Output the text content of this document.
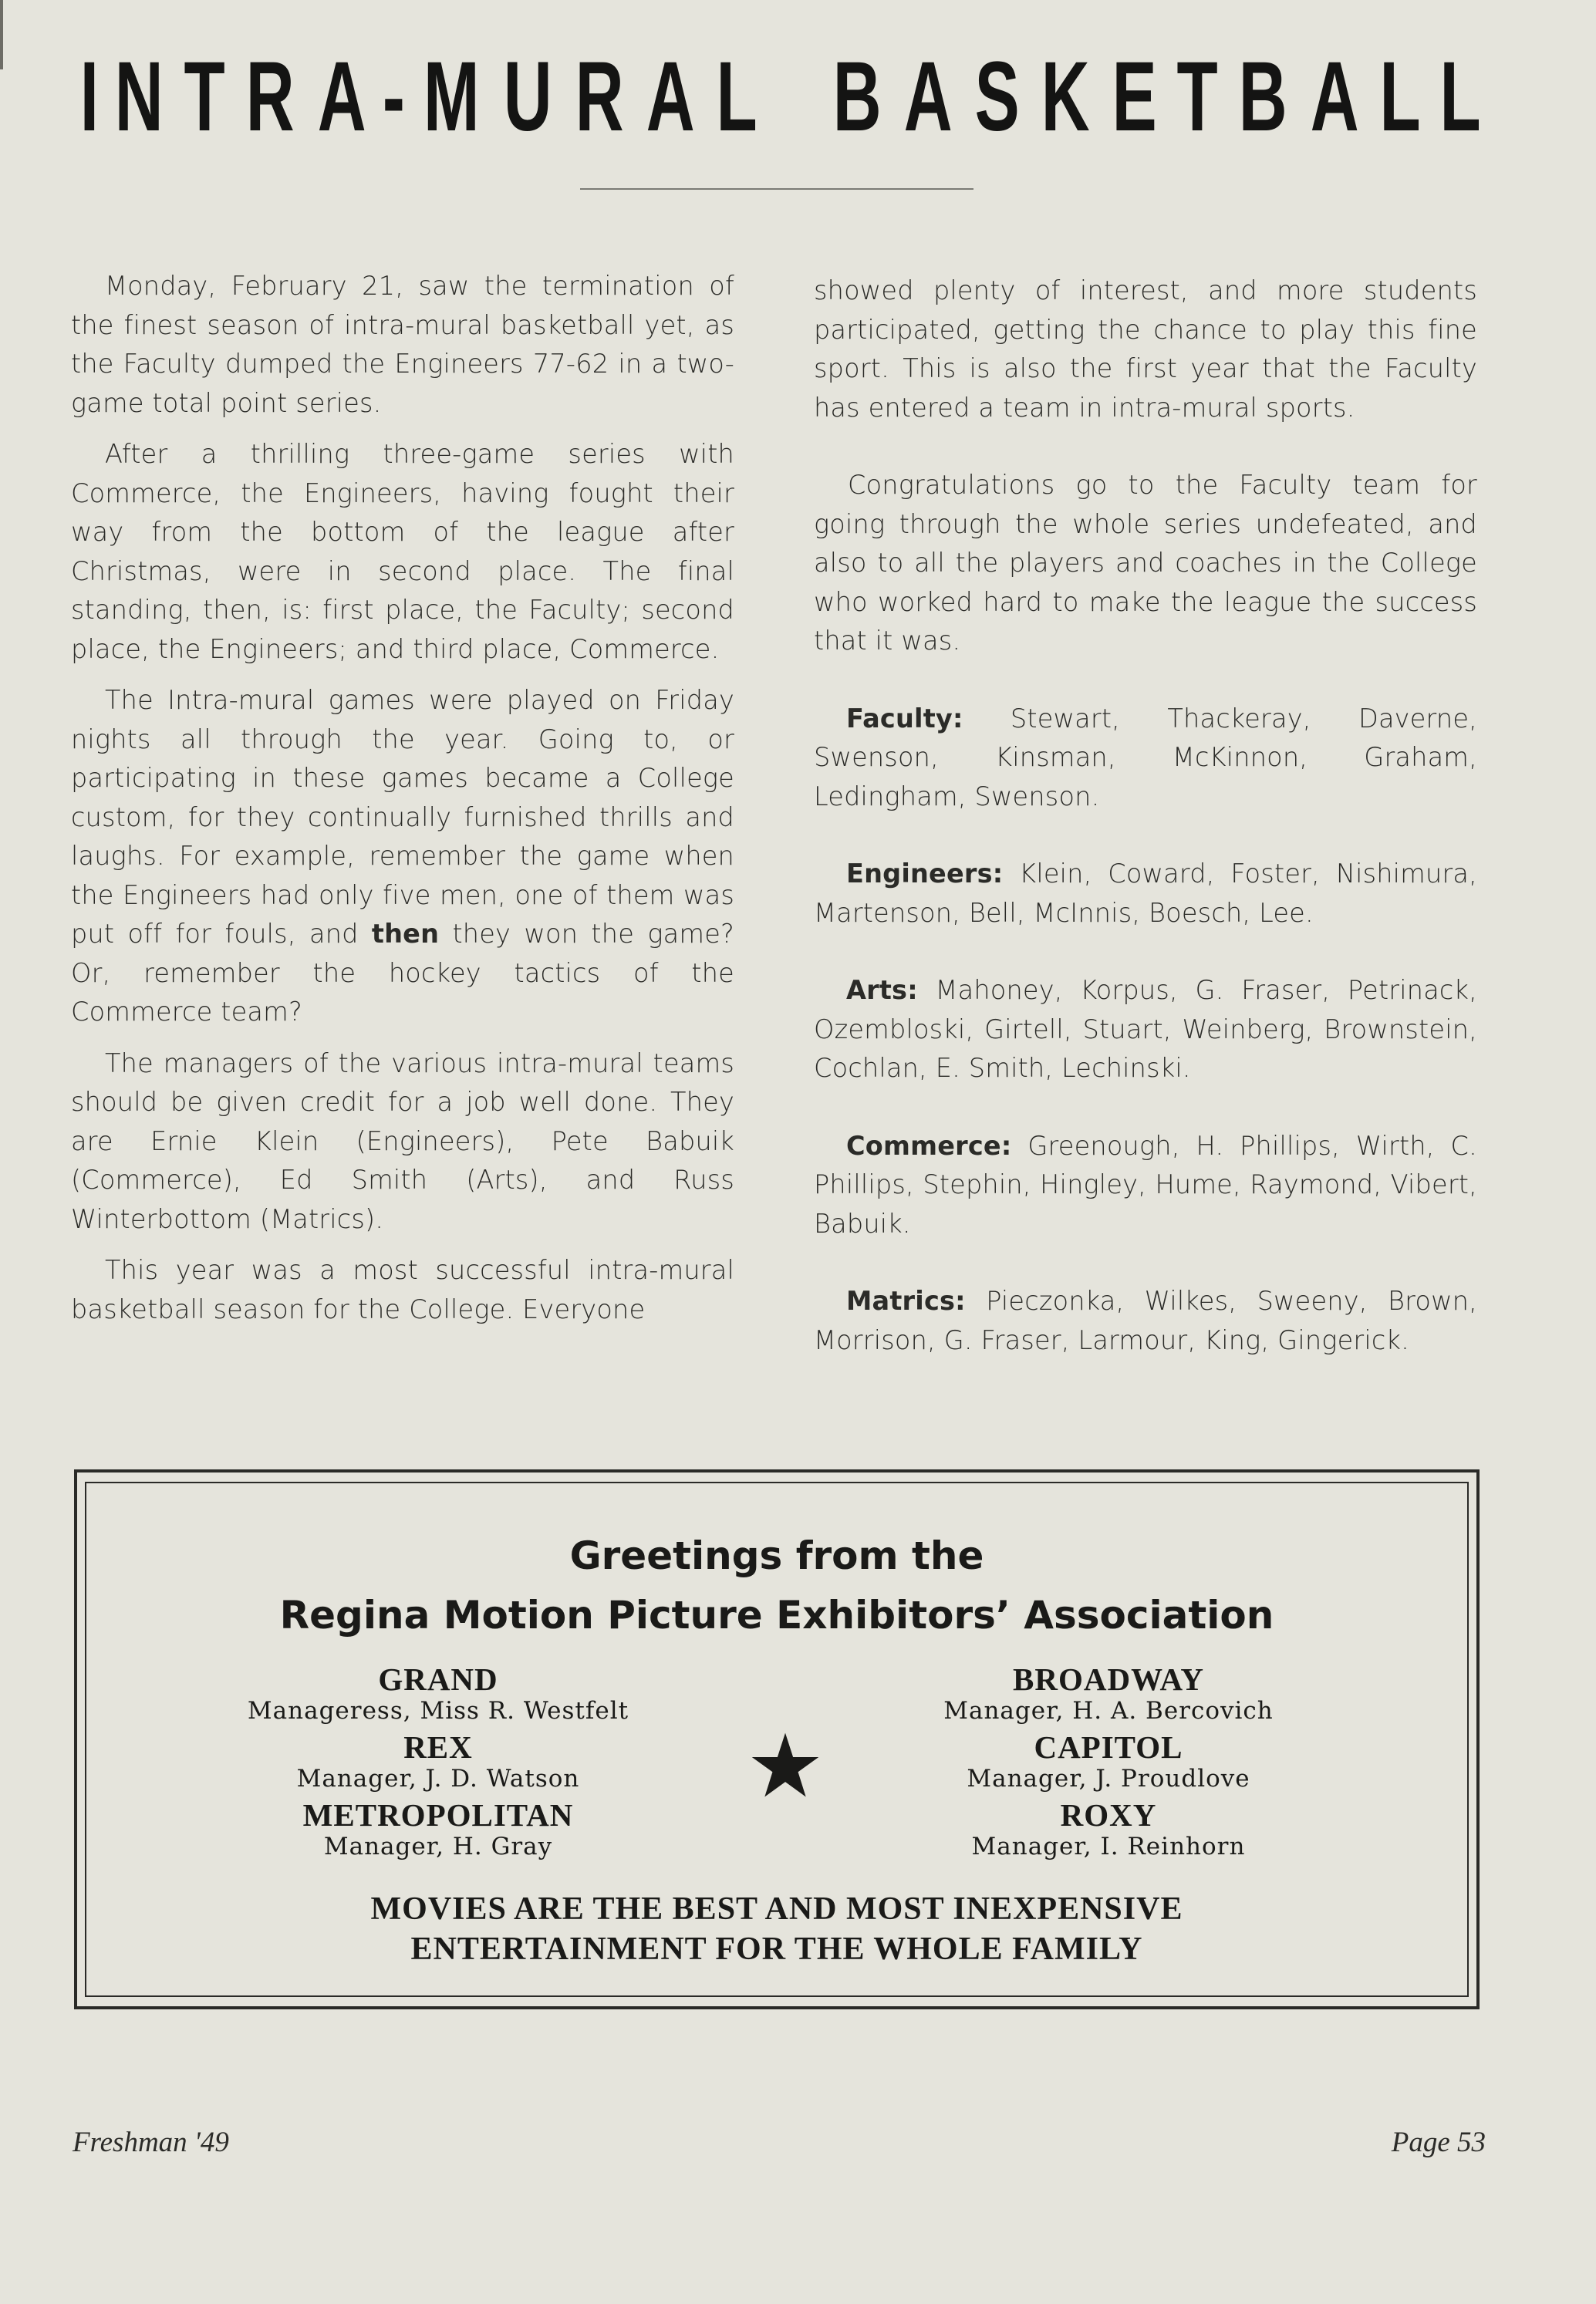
I N T R A - M U R A L

B A S K E T B A L L

Monday, February 21, saw the termination of the finest season of intra-mural basketball yet, as the Faculty dumped the Engineers 77-62 in a two-game total point series.

After a thrilling three-game series with Commerce, the Engineers, having fought their way from the bottom of the league after Christmas, were in second place. The final standing, then, is: first place, the Faculty; second place, the Engineers; and third place, Commerce.

The Intra-mural games were played on Friday nights all through the year. Going to, or participating in these games became a College custom, for they continually furnished thrills and laughs. For example, remember the game when the Engineers had only five men, one of them was put off for fouls, and then they won the game? Or, remember the hockey tactics of the Commerce team?

The managers of the various intra-mural teams should be given credit for a job well done. They are Ernie Klein (Engineers), Pete Babuik (Commerce), Ed Smith (Arts), and Russ Winterbottom (Matrics).

This year was a most successful intra-mural basketball season for the College. Everyone

showed plenty of interest, and more students participated, getting the chance to play this fine sport. This is also the first year that the Faculty has entered a team in intra-mural sports.

Congratulations go to the Faculty team for going through the whole series undefeated, and also to all the players and coaches in the College who worked hard to make the league the success that it was.

Faculty: Stewart, Thackeray, Daverne, Swenson, Kinsman, McKinnon, Graham, Ledingham, Swenson.

Engineers: Klein, Coward, Foster, Nishimura, Martenson, Bell, McInnis, Boesch, Lee.

Arts: Mahoney, Korpus, G. Fraser, Petrinack, Ozembloski, Girtell, Stuart, Weinberg, Brownstein, Cochlan, E. Smith, Lechinski.

Commerce: Greenough, H. Phillips, Wirth, C. Phillips, Stephin, Hingley, Hume, Raymond, Vibert, Babuik.

Matrics: Pieczonka, Wilkes, Sweeny, Brown, Morrison, G. Fraser, Larmour, King, Gingerick.

Greetings from the
Regina Motion Picture Exhibitors’ Association
GRAND
Manageress, Miss R. Westfelt
REX
Manager, J. D. Watson
METROPOLITAN
Manager, H. Gray
BROADWAY
Manager, H. A. Bercovich
CAPITOL
Manager, J. Proudlove
ROXY
Manager, I. Reinhorn
MOVIES ARE THE BEST AND MOST INEXPENSIVE
ENTERTAINMENT FOR THE WHOLE FAMILY
Freshman '49	Page 53
